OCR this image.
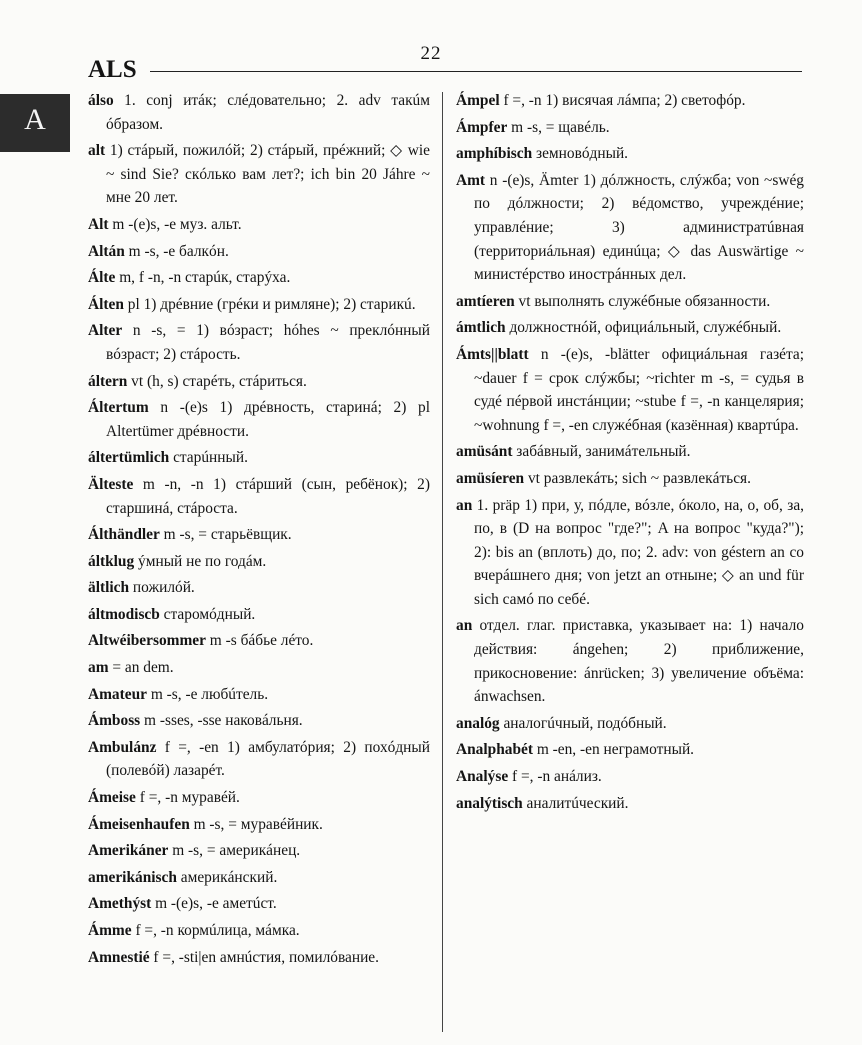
22
ALS
A

álso 1. conj итáк; слéдовательно; 2. adv такúм óбразом.

alt 1) стáрый, пожилóй; 2) стáрый, прéжний; ◇ wie ~ sind Sie? скóлько вам лет?; ich bin 20 Jáhre ~ мне 20 лет.

Alt m -(e)s, -e муз. альт.

Altán m -s, -e балкóн.

Álte m, f -n, -n старúк, старýха.

Álten pl 1) дрéвние (грéки и римляне); 2) старикú.

Alter n -s, = 1) вóзраст; hóhes ~ преклóнный вóзраст; 2) стáрость.

áltern vt (h, s) старéть, стáриться.

Áltertum n -(e)s 1) дрéвность, старинá; 2) pl Altertümer дрéвности.

áltertümlich старúнный.

Älteste m -n, -n 1) стáрший (сын, ребёнок); 2) старшинá, стáроста.

Álthändler m -s, = старьёвщик.

áltklug ýмный не по годáм.

ältlich пожилóй.

áltmodiscb старомóдный.

Altwéibersommer m -s бáбье лéто.

am = an dem.

Amateur m -s, -e любúтель.

Ámboss m -sses, -sse наковáльня.

Ambulánz f =, -en 1) амбулатóрия; 2) похóдный (полевóй) лазарéт.

Ámeise f =, -n муравéй.

Ámeisenhaufen m -s, = муравéйник.

Amerikáner m -s, = америкáнец.

amerikánisch америкáнский.

Amethýst m -(e)s, -e аметúст.

Ámme f =, -n кормúлица, мáмка.

Amnestié f =, -sti|en амнúстия, помилóвание.

Ámpel f =, -n 1) висячая лáмпа; 2) светофóр.

Ámpfer m -s, = щавéль.

amphíbisch земновóдный.

Amt n -(e)s, Ämter 1) дóлжность, слýжба; von ~swég по дóлжности; 2) вéдомство, учреждéние; управлéние; 3) администратúвная (территориáльная) единúца; ◇ das Auswärtige ~ министéрство инострáнных дел.

amtíeren vt выполнять служéбные обязанности.

ámtlich должностнóй, официáльный, служéбный.

Ámts||blatt n -(e)s, -blätter официáльная газéта; ~dauer f = срок слýжбы; ~richter m -s, = судья в судé пéрвой инстáнции; ~stube f =, -n канцелярия; ~wohnung f =, -en служéбная (казённая) квартúра.

amüsánt забáвный, занимáтельный.

amüsíeren vt развлекáть; sich ~ развлекáться.

an 1. präp 1) при, у, пóдле, вóзле, óколо, на, о, об, за, по, в (D на вопрос "где?"; A на вопрос "куда?"); 2): bis an (вплоть) до, по; 2. adv: von géstern an со вчерáшнего дня; von jetzt an отнынe; ◇ an und für sich самó по себé.

an отдел. глаг. приставка, указывает на: 1) начало действия: ángehen; 2) приближение, прикосновение: ánrücken; 3) увеличение объёма: ánwachsen.

analóg аналогúчный, подóбный.

Analphabét m -en, -en неграмотный.

Analýse f =, -n анáлиз.

analýtisch аналитúческий.
